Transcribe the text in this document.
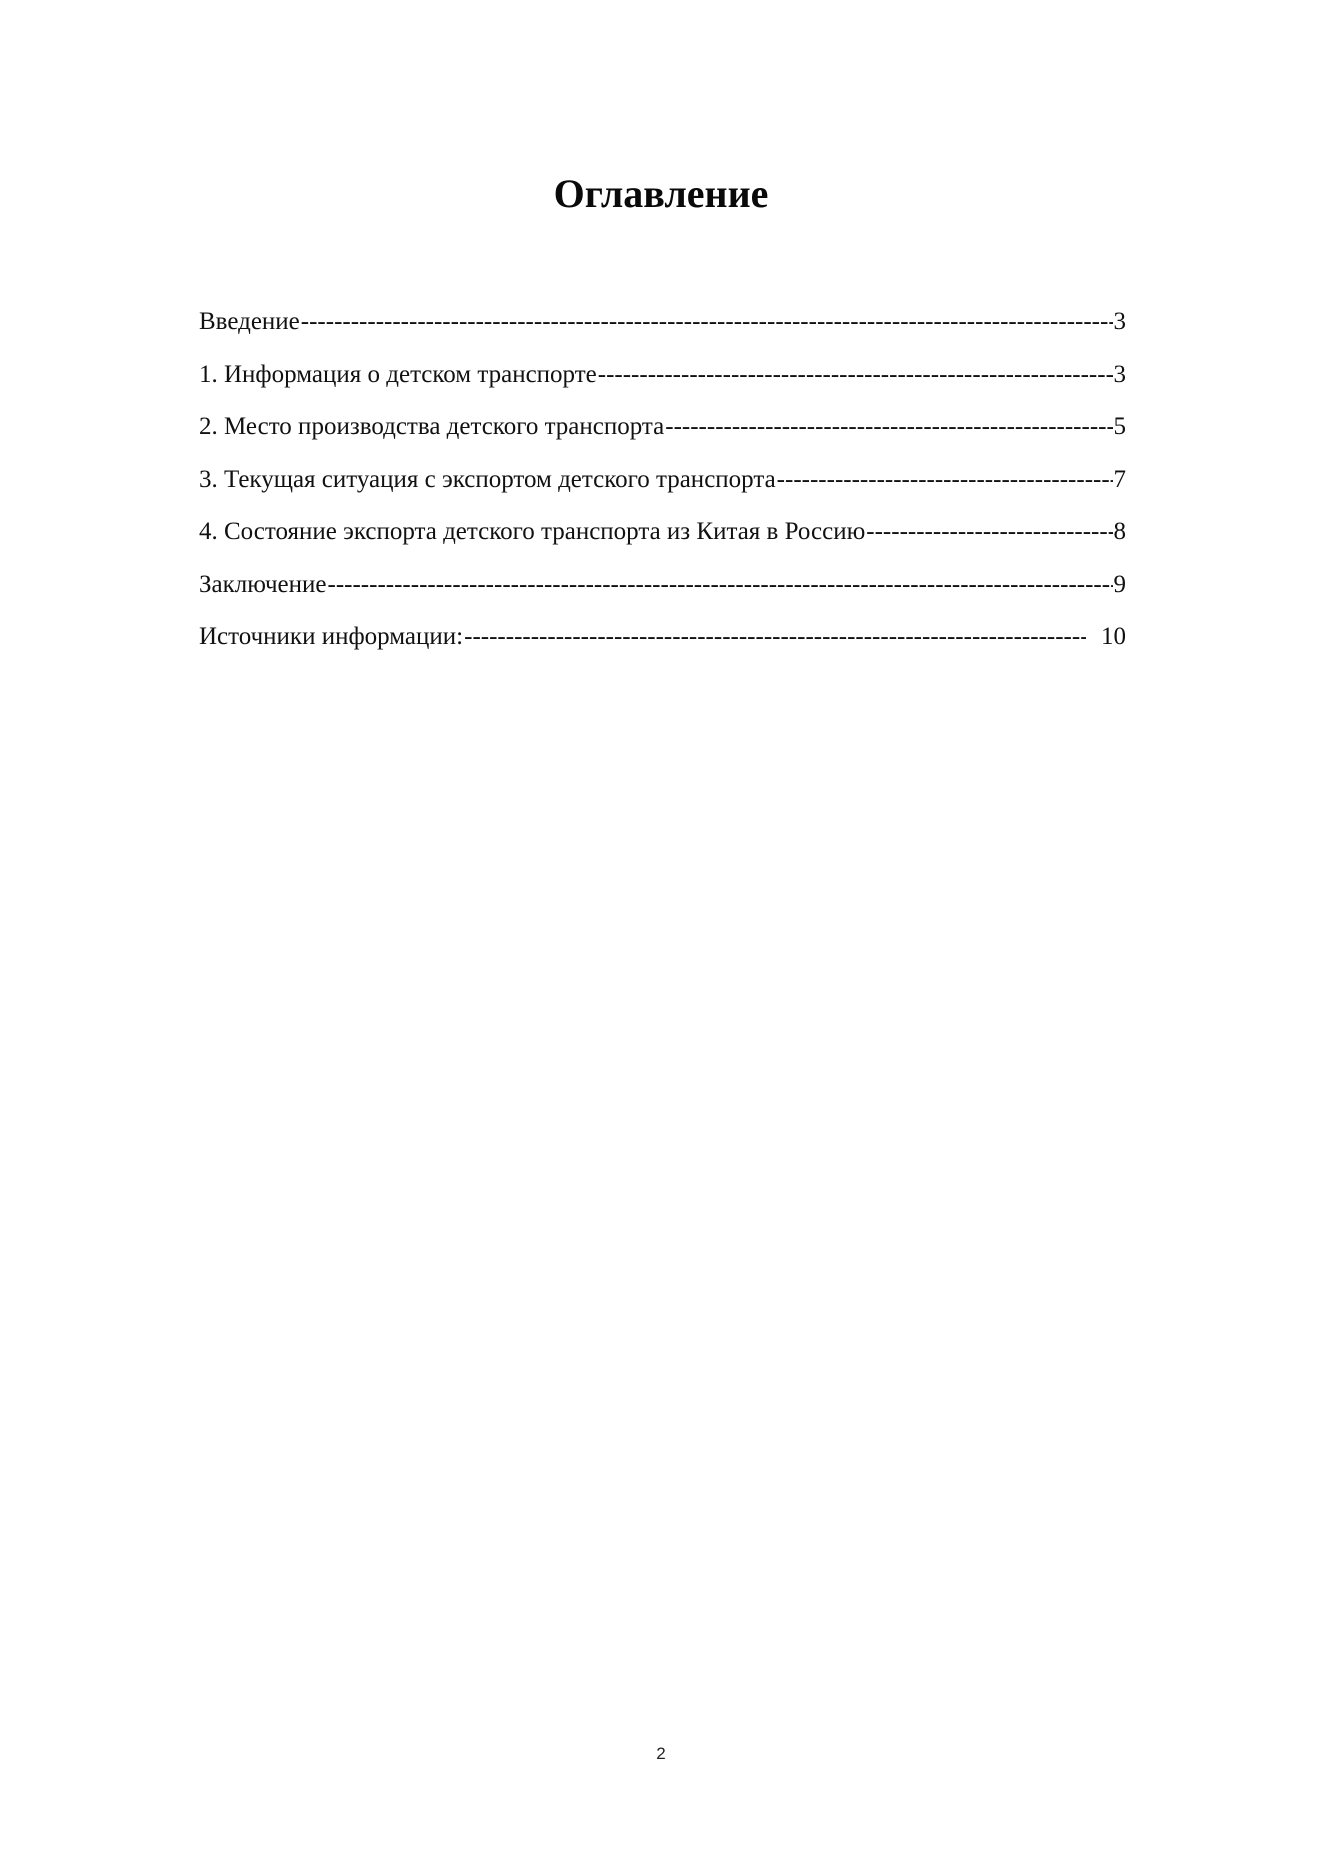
Оглавление
Введение -----	3
1. Информация о детском транспорте -----	3
2. Место производства детского транспорта -----	5
3. Текущая ситуация с экспортом детского транспорта -----	7
4. Состояние экспорта детского транспорта из Китая в Россию -----	8
Заключение -----	9
Источники информации: -----	10
2
